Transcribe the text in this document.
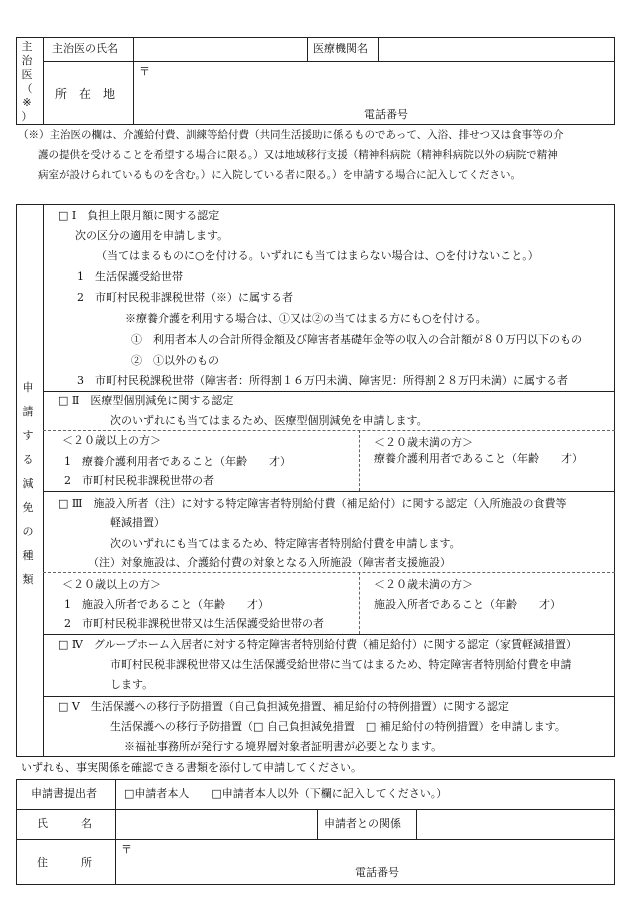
主
治
医
（
※
）
主治医の氏名	医療機関名
所　在　地
〒
電話番号
（※）主治医の欄は、介護給付費、訓練等給付費（共同生活援助に係るものであって、入浴、排せつ又は食事等の介
護の提供を受けることを希望する場合に限る。）又は地域移行支援（精神科病院（精神科病院以外の病院で精神
病室が設けられているものを含む。）に入院している者に限る。）を申請する場合に記入してください。
申
請
す
る
減
免
の
種
類
□ Ⅰ　負担上限月額に関する認定
次の区分の適用を申請します。
（当てはまるものに○を付ける。いずれにも当てはまらない場合は、○を付けないこと。）
1　生活保護受給世帯
2　市町村民税非課税世帯（※）に属する者
※療養介護を利用する場合は、①又は②の当てはまる方にも○を付ける。
①　利用者本人の合計所得金額及び障害者基礎年金等の収入の合計額が８０万円以下のもの
②　①以外のもの
3　市町村民税課税世帯（障害者：所得割１６万円未満、障害児：所得割２８万円未満）に属する者
□ Ⅱ　医療型個別減免に関する認定
次のいずれにも当てはまるため、医療型個別減免を申請します。
＜２０歳以上の方＞
1　療養介護利用者であること（年齢　　才）
2　市町村民税非課税世帯の者
＜２０歳未満の方＞
療養介護利用者であること（年齢　　才）
□ Ⅲ　施設入所者（注）に対する特定障害者特別給付費（補足給付）に関する認定（入所施設の食費等
軽減措置）
次のいずれにも当てはまるため、特定障害者特別給付費を申請します。
（注）対象施設は、介護給付費の対象となる入所施設（障害者支援施設）
＜２０歳以上の方＞
1　施設入所者であること（年齢　　才）
2　市町村民税非課税世帯又は生活保護受給世帯の者
＜２０歳未満の方＞
施設入所者であること（年齢　　才）
□ Ⅳ　グループホーム入居者に対する特定障害者特別給付費（補足給付）に関する認定（家賃軽減措置）
市町村民税非課税世帯又は生活保護受給世帯に当てはまるため、特定障害者特別給付費を申請
します。
□ Ⅴ　生活保護への移行予防措置（自己負担減免措置、補足給付の特例措置）に関する認定
生活保護への移行予防措置（□ 自己負担減免措置　□ 補足給付の特例措置）を申請します。
※福祉事務所が発行する境界層対象者証明書が必要となります。
いずれも、事実関係を確認できる書類を添付して申請してください。
申請書提出者 □申請者本人　　□申請者本人以外（下欄に記入してください。）
氏　　　名	申請者との関係
住　　　所
〒
電話番号
